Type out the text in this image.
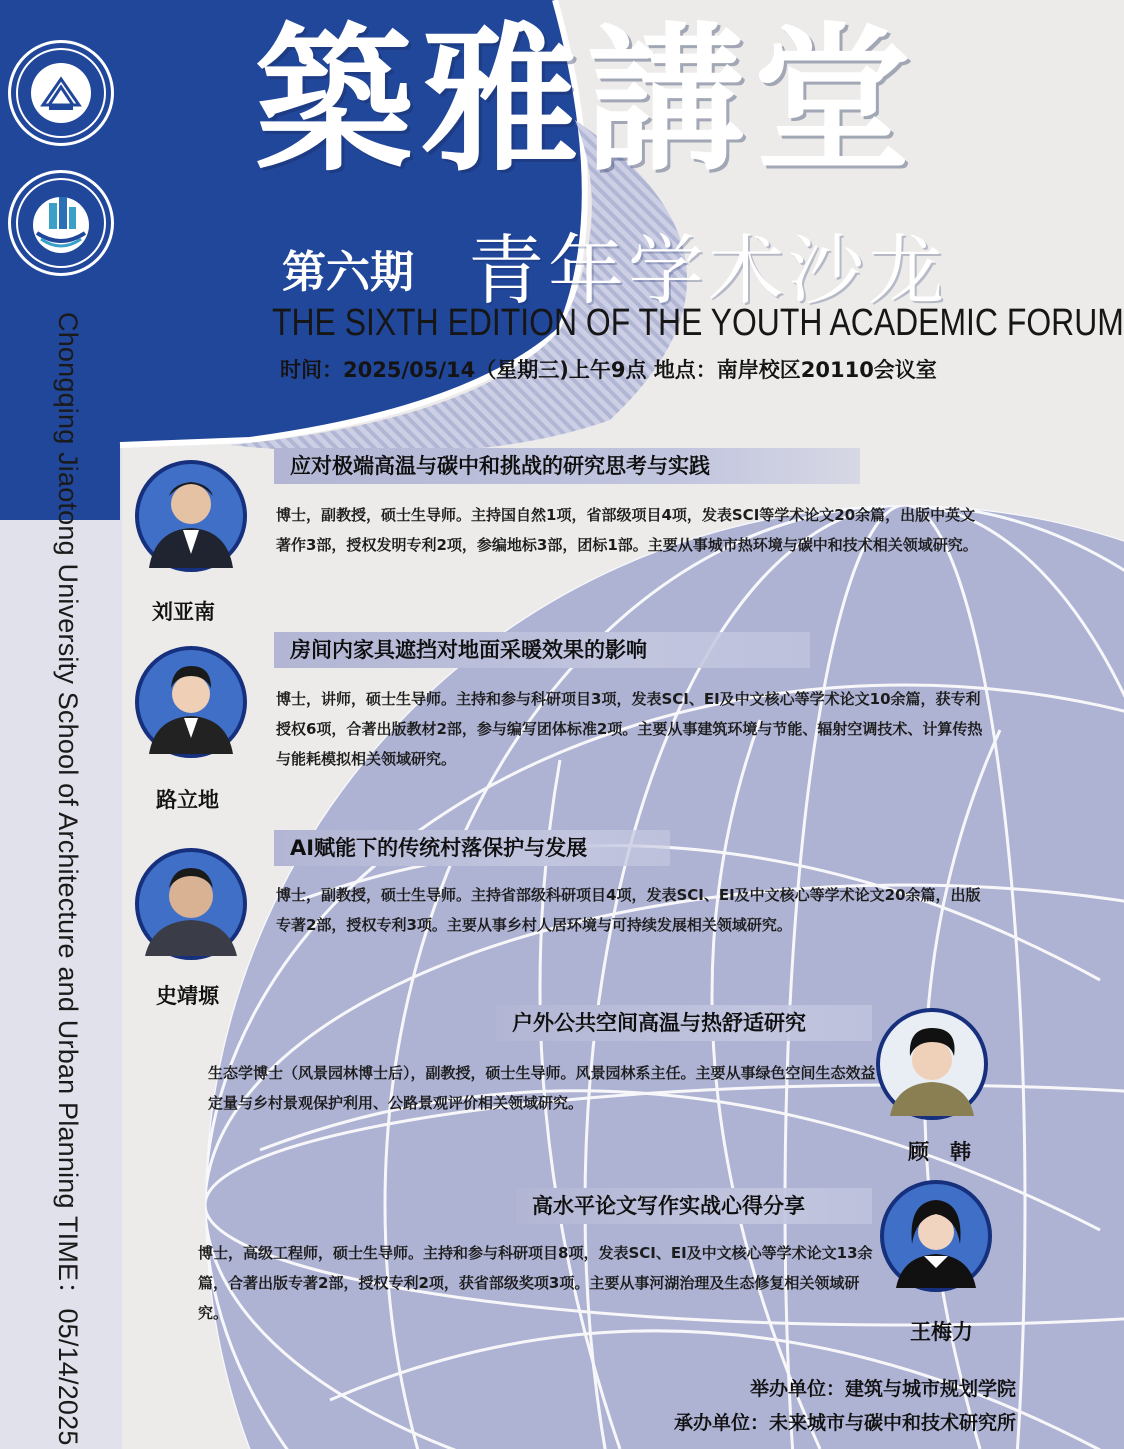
Chongqing Jiaotong University School of Architecture and Urban Planning TIME：05/14/2025
築雅講堂
第六期 青年学术沙龙
THE SIXTH EDITION OF THE YOUTH ACADEMIC FORUM
时间：2025/05/14（星期三)上午9点 地点：南岸校区20110会议室
应对极端高温与碳中和挑战的研究思考与实践
博士，副教授，硕士生导师。主持国自然1项，省部级项目4项，发表SCI等学术论文20余篇，出版中英文著作3部，授权发明专利2项，参编地标3部，团标1部。主要从事城市热环境与碳中和技术相关领域研究。
刘亚南
房间内家具遮挡对地面采暖效果的影响
博士，讲师，硕士生导师。主持和参与科研项目3项，发表SCI、EI及中文核心等学术论文10余篇，获专利授权6项，合著出版教材2部，参与编写团体标准2项。主要从事建筑环境与节能、辐射空调技术、计算传热与能耗模拟相关领域研究。
路立地
AI赋能下的传统村落保护与发展
博士，副教授，硕士生导师。主持省部级科研项目4项，发表SCI、EI及中文核心等学术论文20余篇，出版专著2部，授权专利3项。主要从事乡村人居环境与可持续发展相关领域研究。
史靖塬
户外公共空间高温与热舒适研究
生态学博士（风景园林博士后），副教授，硕士生导师。风景园林系主任。主要从事绿色空间生态效益定量与乡村景观保护利用、公路景观评价相关领域研究。
顾　韩
高水平论文写作实战心得分享
博士，高级工程师，硕士生导师。主持和参与科研项目8项，发表SCI、EI及中文核心等学术论文13余篇，合著出版专著2部，授权专利2项，获省部级奖项3项。主要从事河湖治理及生态修复相关领域研究。
王梅力
举办单位：建筑与城市规划学院
承办单位：未来城市与碳中和技术研究所
